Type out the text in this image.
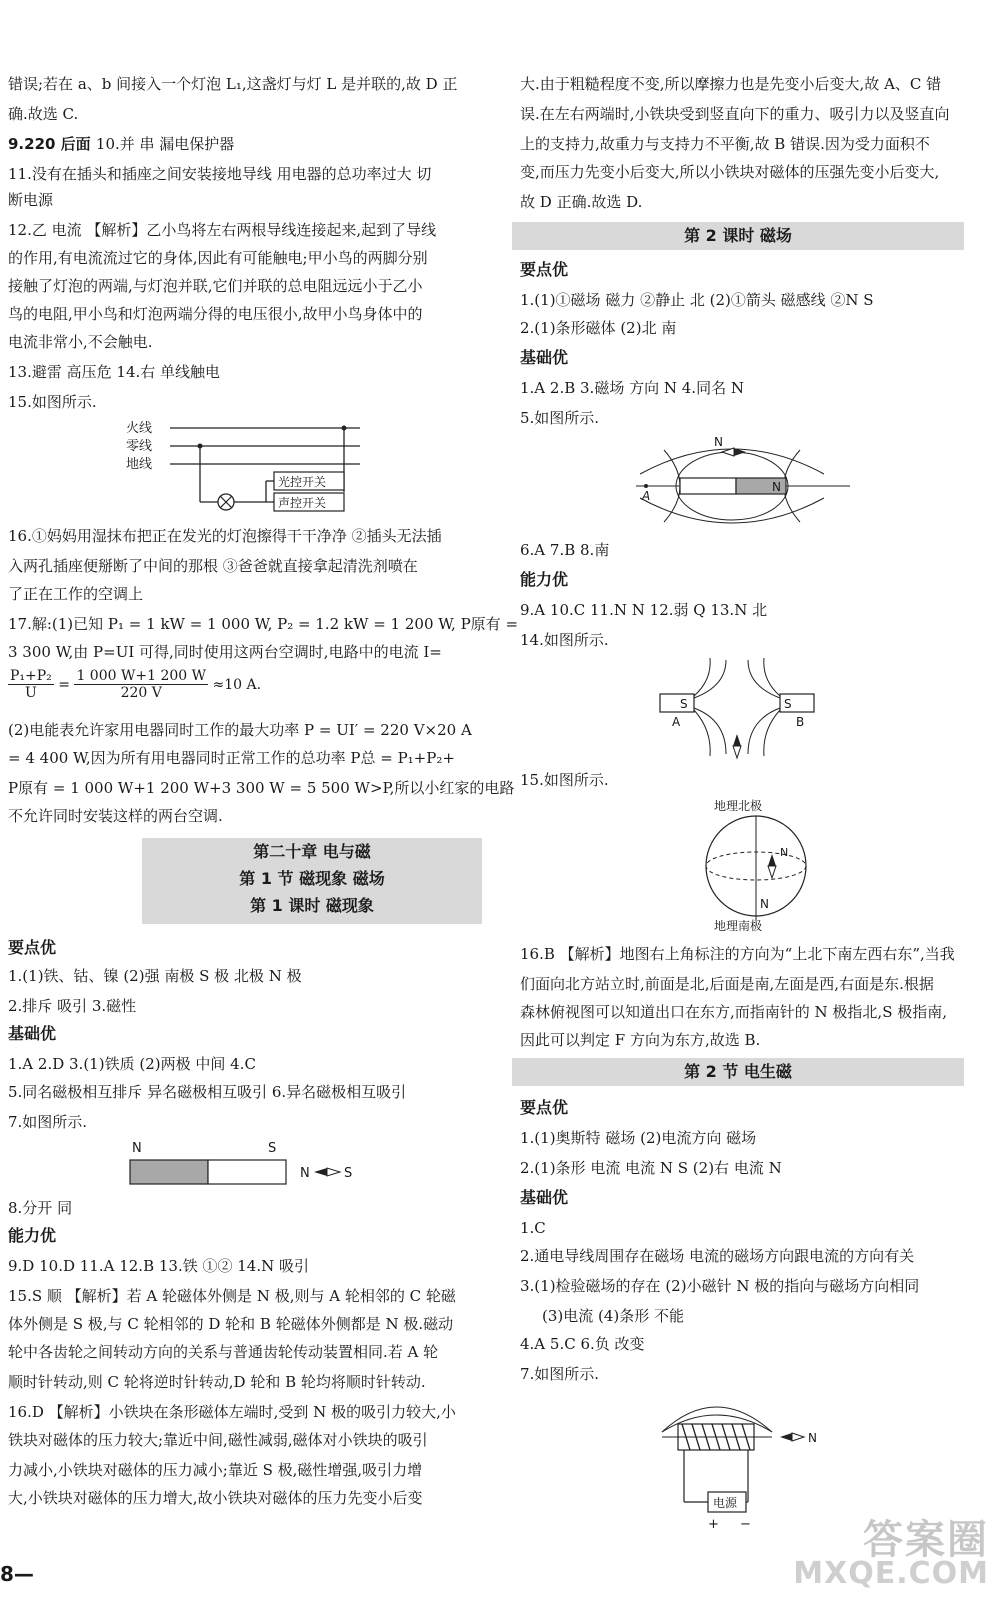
错误;若在 a、b 间接入一个灯泡 L₁,这盏灯与灯 L 是并联的,故 D 正
确.故选 C.
9.220 后面 10.并 串 漏电保护器
11.没有在插头和插座之间安装接地导线 用电器的总功率过大 切
断电源
12.乙 电流 【解析】乙小鸟将左右两根导线连接起来,起到了导线
的作用,有电流流过它的身体,因此有可能触电;甲小鸟的两脚分别
接触了灯泡的两端,与灯泡并联,它们并联的总电阻远远小于乙小
鸟的电阻,甲小鸟和灯泡两端分得的电压很小,故甲小鸟身体中的
电流非常小,不会触电.
13.避雷 高压危 14.右 单线触电
15.如图所示.
火线
零线
地线
光控开关
声控开关
16.①妈妈用湿抹布把正在发光的灯泡擦得干干净净 ②插头无法插
入两孔插座便掰断了中间的那根 ③爸爸就直接拿起清洗剂喷在
了正在工作的空调上
17.解:(1)已知 P₁ = 1 kW = 1 000 W, P₂ = 1.2 kW = 1 200 W, P原有 =
3 300 W,由 P=UI 可得,同时使用这两台空调时,电路中的电流 I=
$\frac{\text{P₁+P₂}}{U} = \frac{1 000 W+1 200 W}{220 V} \approx 10$ A.
(2)电能表允许家用电器同时工作的最大功率 P = UI′ = 220 V×20 A
= 4 400 W,因为所有用电器同时正常工作的总功率 P总 = P₁+P₂+
P原有 = 1 000 W+1 200 W+3 300 W = 5 500 W>P,所以小红家的电路
不允许同时安装这样的两台空调.
第二十章 电与磁
第 1 节 磁现象 磁场
第 1 课时 磁现象
要点优
1.(1)铁、钴、镍 (2)强 南极 S 极 北极 N 极
2.排斥 吸引 3.磁性
基础优
1.A 2.D 3.(1)铁质 (2)两极 中间 4.C
5.同名磁极相互排斥 异名磁极相互吸引 6.异名磁极相互吸引
7.如图所示.
N	S
N	S
8.分开 同
能力优
9.D 10.D 11.A 12.B 13.铁 ①② 14.N 吸引
15.S 顺 【解析】若 A 轮磁体外侧是 N 极,则与 A 轮相邻的 C 轮磁
体外侧是 S 极,与 C 轮相邻的 D 轮和 B 轮磁体外侧都是 N 极.磁动
轮中各齿轮之间转动方向的关系与普通齿轮传动装置相同.若 A 轮
顺时针转动,则 C 轮将逆时针转动,D 轮和 B 轮均将顺时针转动.
16.D 【解析】小铁块在条形磁体左端时,受到 N 极的吸引力较大,小
铁块对磁体的压力较大;靠近中间,磁性减弱,磁体对小铁块的吸引
力减小,小铁块对磁体的压力减小;靠近 S 极,磁性增强,吸引力增
大,小铁块对磁体的压力增大,故小铁块对磁体的压力先变小后变
大.由于粗糙程度不变,所以摩擦力也是先变小后变大,故 A、C 错
误.在左右两端时,小铁块受到竖直向下的重力、吸引力以及竖直向
上的支持力,故重力与支持力不平衡,故 B 错误.因为受力面积不
变,而压力先变小后变大,所以小铁块对磁体的压强先变小后变大,
故 D 正确.故选 D.
第 2 课时 磁场
要点优
1.(1)①磁场 磁力 ②静止 北 (2)①箭头 磁感线 ②N S
2.(1)条形磁体 (2)北 南
基础优
1.A 2.B 3.磁场 方向 N 4.同名 N
5.如图所示.
N
N
A
6.A 7.B 8.南
能力优
9.A 10.C 11.N N 12.弱 Q 13.N 北
14.如图所示.
S	S
A	B
15.如图所示.
地理北极
N
N
地理南极
16.B 【解析】地图右上角标注的方向为“上北下南左西右东”,当我
们面向北方站立时,前面是北,后面是南,左面是西,右面是东.根据
森林俯视图可以知道出口在东方,而指南针的 N 极指北,S 极指南,
因此可以判定 F 方向为东方,故选 B.
第 2 节 电生磁
要点优
1.(1)奥斯特 磁场 (2)电流方向 磁场
2.(1)条形 电流 电流 N S (2)右 电流 N
基础优
1.C
2.通电导线周围存在磁场 电流的磁场方向跟电流的方向有关
3.(1)检验磁场的存在 (2)小磁针 N 极的指向与磁场方向相同
(3)电流 (4)条形 不能
4.A 5.C 6.负 改变
7.如图所示.
N
电源
+ −
8—
答案圈
MXQE.COM
